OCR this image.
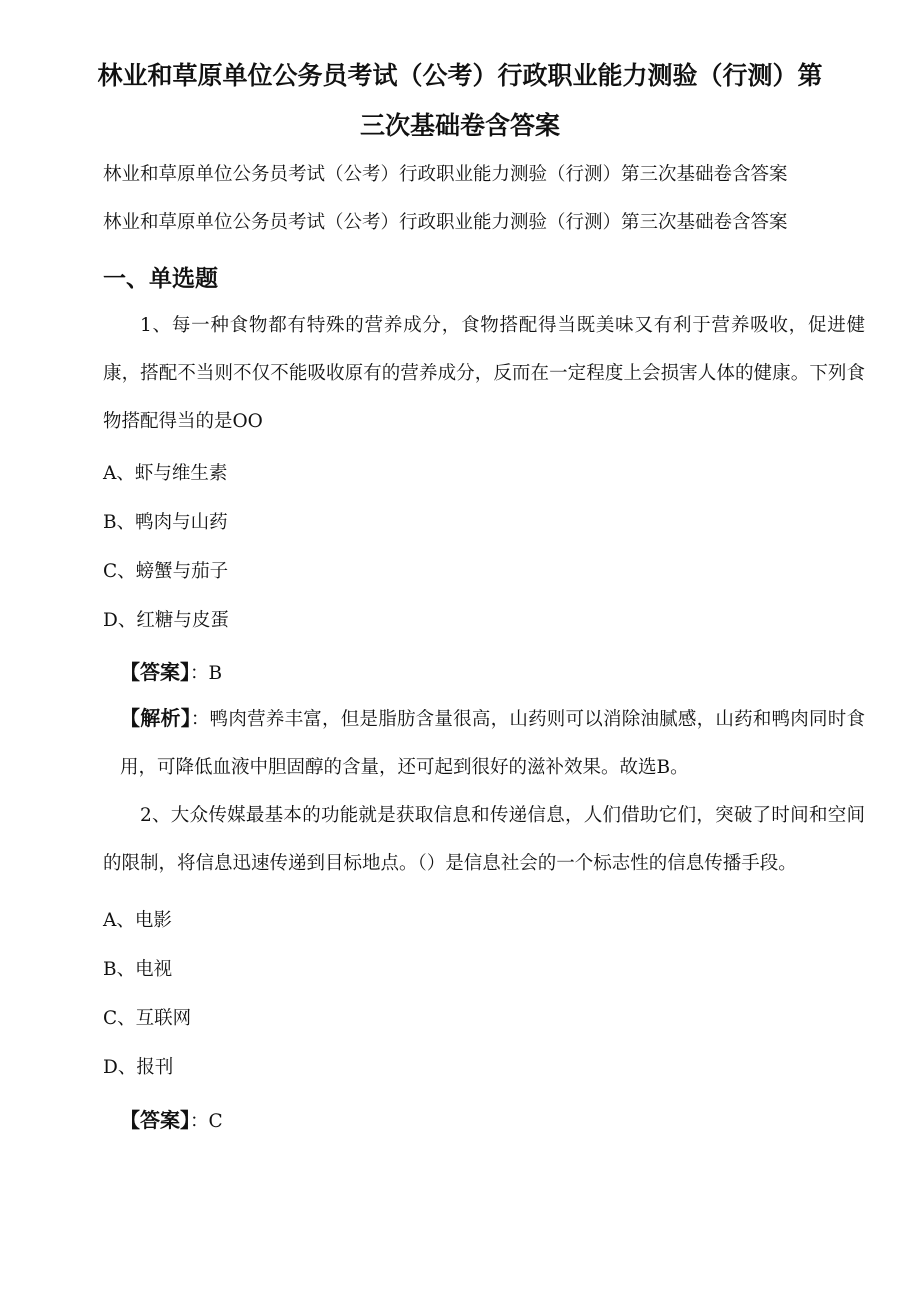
林业和草原单位公务员考试（公考）行政职业能力测验（行测）第
三次基础卷含答案
林业和草原单位公务员考试（公考）行政职业能力测验（行测）第三次基础卷含答案
林业和草原单位公务员考试（公考）行政职业能力测验（行测）第三次基础卷含答案
一、单选题
1、每一种食物都有特殊的营养成分，食物搭配得当既美味又有利于营养吸收，促进健康，搭配不当则不仅不能吸收原有的营养成分，反而在一定程度上会损害人体的健康。下列食物搭配得当的是OO
A、虾与维生素
B、鸭肉与山药
C、螃蟹与茄子
D、红糖与皮蛋
【答案】：B
【解析】：鸭肉营养丰富，但是脂肪含量很高，山药则可以消除油腻感，山药和鸭肉同时食用，可降低血液中胆固醇的含量，还可起到很好的滋补效果。故选B。
2、大众传媒最基本的功能就是获取信息和传递信息，人们借助它们，突破了时间和空间的限制，将信息迅速传递到目标地点。（）是信息社会的一个标志性的信息传播手段。
A、电影
B、电视
C、互联网
D、报刊
【答案】：C
